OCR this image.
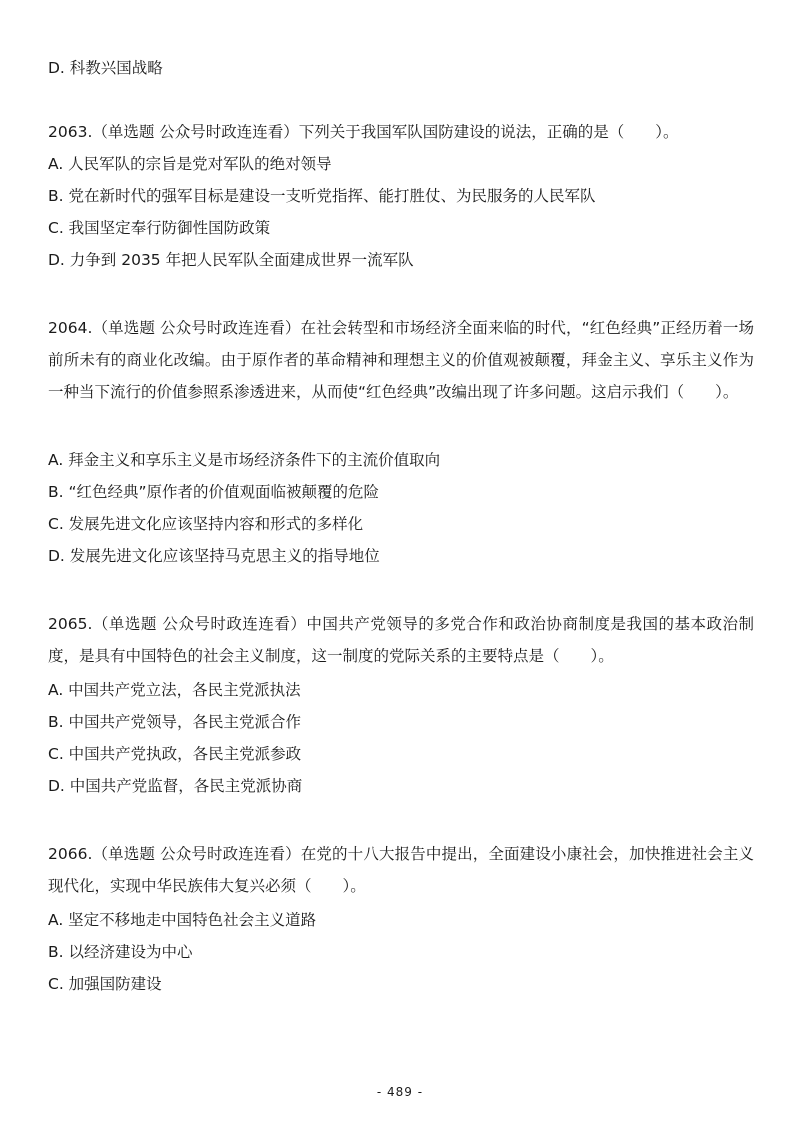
D. 科教兴国战略
2063.（单选题 公众号时政连连看）下列关于我国军队国防建设的说法，正确的是（　　）。
A. 人民军队的宗旨是党对军队的绝对领导
B. 党在新时代的强军目标是建设一支听党指挥、能打胜仗、为民服务的人民军队
C. 我国坚定奉行防御性国防政策
D. 力争到 2035 年把人民军队全面建成世界一流军队
2064.（单选题 公众号时政连连看）在社会转型和市场经济全面来临的时代，“红色经典”正经历着一场前所未有的商业化改编。由于原作者的革命精神和理想主义的价值观被颠覆，拜金主义、享乐主义作为一种当下流行的价值参照系渗透进来，从而使“红色经典”改编出现了许多问题。这启示我们（　　）。
A. 拜金主义和享乐主义是市场经济条件下的主流价值取向
B. “红色经典”原作者的价值观面临被颠覆的危险
C. 发展先进文化应该坚持内容和形式的多样化
D. 发展先进文化应该坚持马克思主义的指导地位
2065.（单选题 公众号时政连连看）中国共产党领导的多党合作和政治协商制度是我国的基本政治制度，是具有中国特色的社会主义制度，这一制度的党际关系的主要特点是（　　）。
A. 中国共产党立法，各民主党派执法
B. 中国共产党领导，各民主党派合作
C. 中国共产党执政，各民主党派参政
D. 中国共产党监督，各民主党派协商
2066.（单选题 公众号时政连连看）在党的十八大报告中提出，全面建设小康社会，加快推进社会主义现代化，实现中华民族伟大复兴必须（　　）。
A. 坚定不移地走中国特色社会主义道路
B. 以经济建设为中心
C. 加强国防建设
- 489 -
